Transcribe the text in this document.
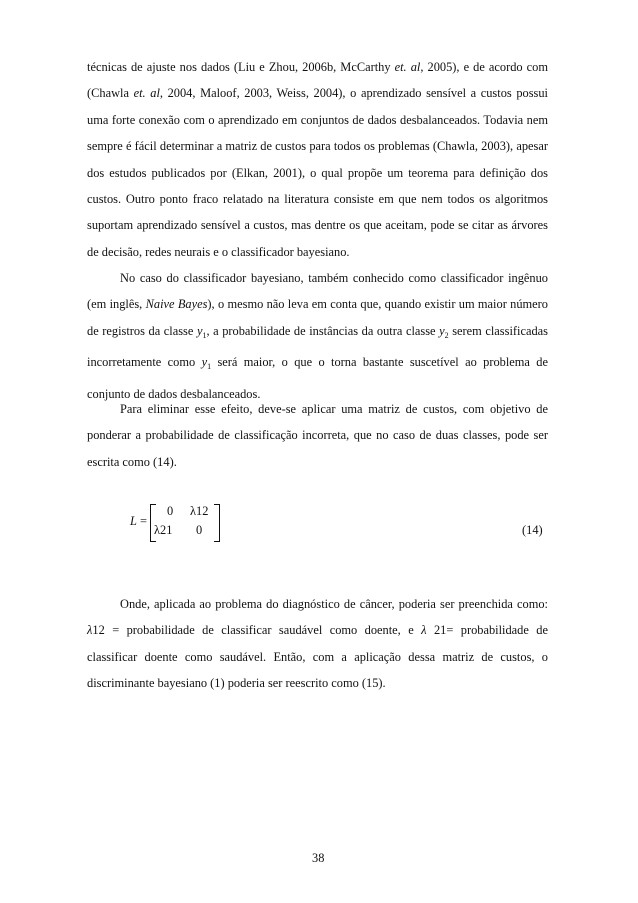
técnicas de ajuste nos dados (Liu e Zhou, 2006b, McCarthy et. al, 2005), e de acordo com (Chawla et. al, 2004, Maloof, 2003, Weiss, 2004), o aprendizado sensível a custos possui uma forte conexão com o aprendizado em conjuntos de dados desbalanceados. Todavia nem sempre é fácil determinar a matriz de custos para todos os problemas (Chawla, 2003), apesar dos estudos publicados por (Elkan, 2001), o qual propõe um teorema para definição dos custos. Outro ponto fraco relatado na literatura consiste em que nem todos os algoritmos suportam aprendizado sensível a custos, mas dentre os que aceitam, pode se citar as árvores de decisão, redes neurais e o classificador bayesiano.

No caso do classificador bayesiano, também conhecido como classificador ingênuo (em inglês, Naive Bayes), o mesmo não leva em conta que, quando existir um maior número de registros da classe $y_1$, a probabilidade de instâncias da outra classe $y_2$ serem classificadas incorretamente como $y_1$ será maior, o que o torna bastante suscetível ao problema de conjunto de dados desbalanceados.

Para eliminar esse efeito, deve-se aplicar uma matriz de custos, com objetivo de ponderar a probabilidade de classificação incorreta, que no caso de duas classes, pode ser escrita como (14).

L =
0 λ12
λ21 0	(14)

Onde, aplicada ao problema do diagnóstico de câncer, poderia ser preenchida como: λ12 = probabilidade de classificar saudável como doente, e λ 21= probabilidade de classificar doente como saudável. Então, com a aplicação dessa matriz de custos, o discriminante bayesiano (1) poderia ser reescrito como (15).

38
